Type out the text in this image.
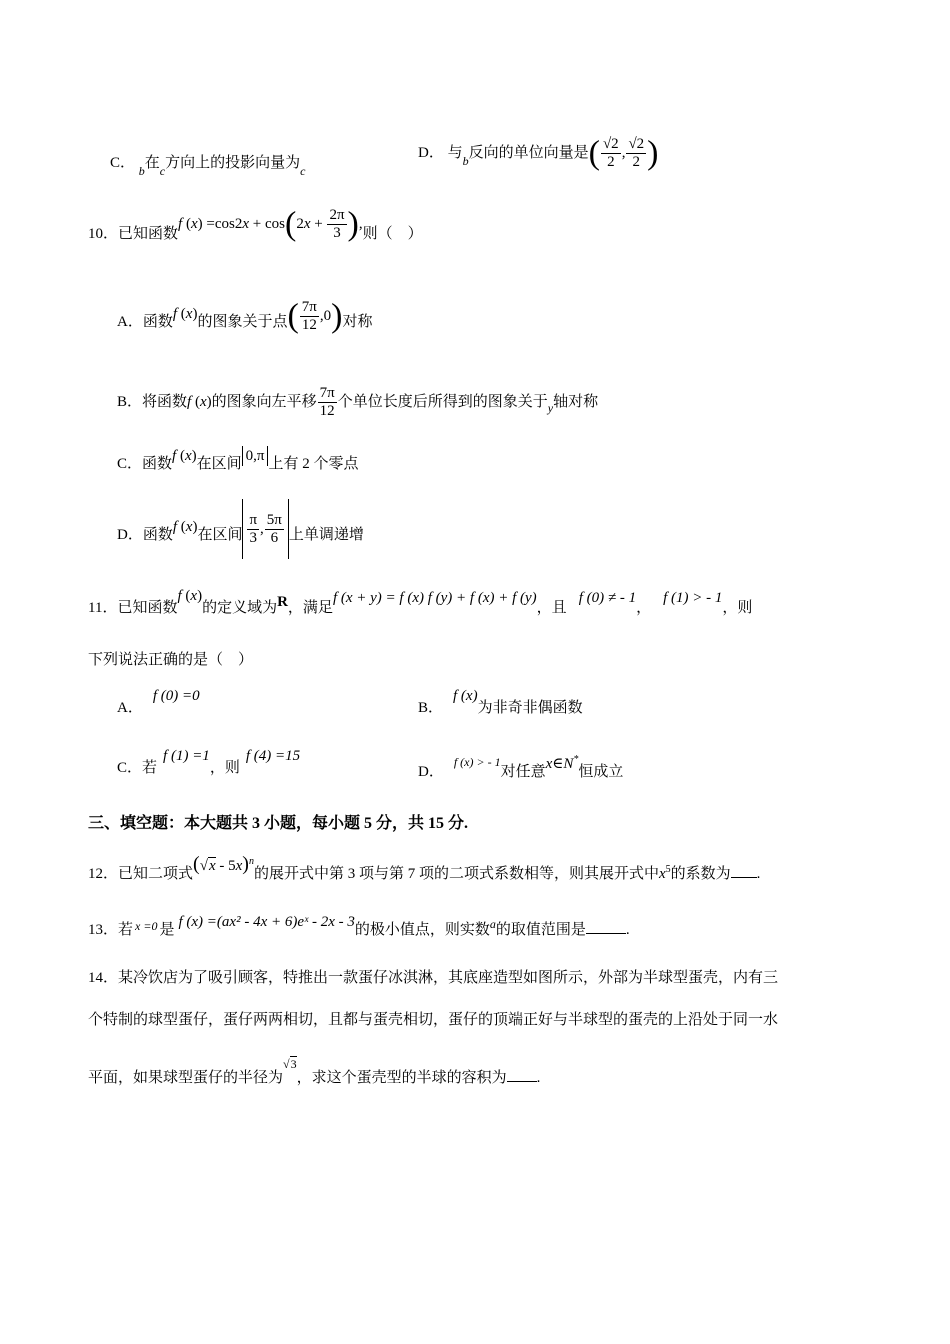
C． $_b$在$_c$方向上的投影向量为$_c$
D． 与$_b$反向的单位向量是( $\frac{√2}{2}$ , $\frac{√2}{2}$ )
10．已知函数f $(x) =\cos 2x + \cos(2x + \frac{2\pi}{3}$ ),则（　）
A．函数f (x)的图象关于点( $\frac{7\pi}{12} ,0$)对称
B．将函数f (x)的图象向左平移 $\frac{7\pi}{12}$ 个单位长度后所得到的图象关于$_y$轴对称
C．函数f (x)在区间 0,π 上有 2 个零点
D．函数f (x)在区间 $\frac{\pi}{3}$ , $\frac{5\pi}{6}$ 上单调递增
11．已知函数f (x)的定义域为R，满足f (x + y) = f (x) f (y) + f (x) + f (y)，且f (0) ≠ - 1，f (1) > - 1，则
下列说法正确的是（　）
A．f (0) =0
B．f (x)为非奇非偶函数
C．若f (1) =1，则f (4) =15
D．$^{f (x) > - 1}$对任意x∈N*恒成立
三、填空题：本大题共 3 小题，每小题 5 分，共 15 分.
12．已知二项式(√x - 5x)$^n$的展开式中第 3 项与第 7 项的二项式系数相等，则其展开式中$x^5$的系数为 .
13．若 $^{x =0}$ 是 f (x) =(ax² - 4x + 6)eˣ - 2x - 3的极小值点，则实数$^a$的取值范围是	.
14．某冷饮店为了吸引顾客，特推出一款蛋仔冰淇淋，其底座造型如图所示，外部为半球型蛋壳，内有三
个特制的球型蛋仔，蛋仔两两相切，且都与蛋壳相切，蛋仔的顶端正好与半球型的蛋壳的上沿处于同一水
平面，如果球型蛋仔的半径为$^{√3}$，求这个蛋壳型的半球的容积为 .
